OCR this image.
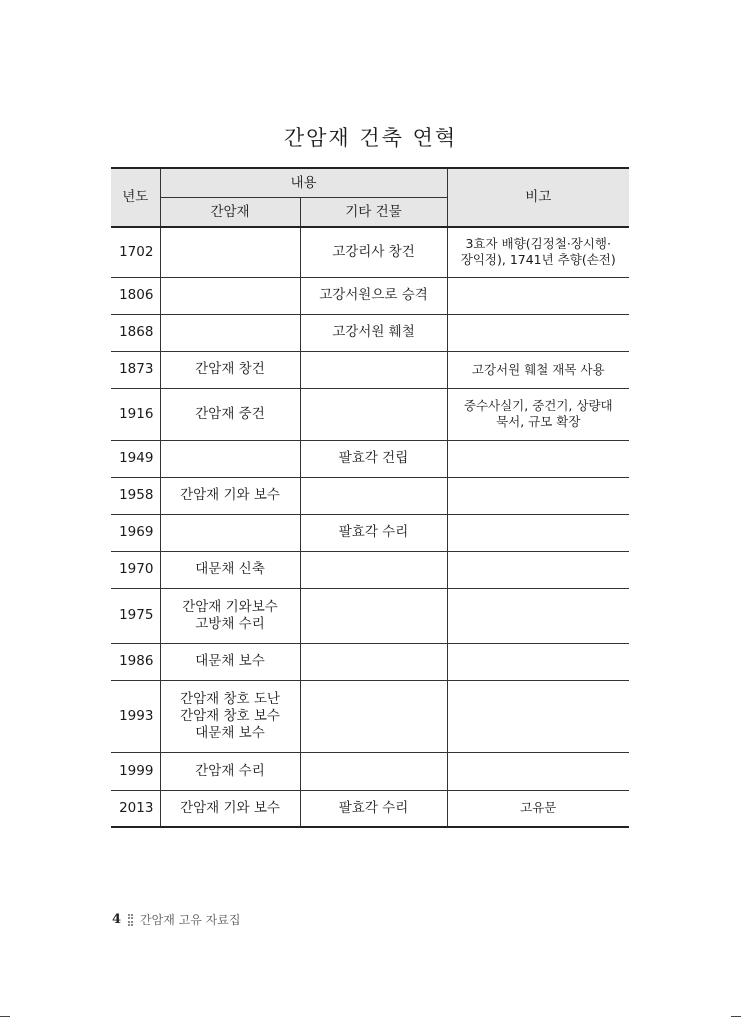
간암재 건축 연혁
년도	내용		비고
	간암재	기타 건물	
1702		고강리사 창건	3효자 배향(김정철·장시행·
장익정), 1741년 추향(손전)
1806		고강서원으로 승격	
1868		고강서원 훼철	
1873	간암재 창건		고강서원 훼철 재목 사용
1916	간암재 중건		중수사실기, 중건기, 상량대
묵서, 규모 확장
1949		팔효각 건립	
1958	간암재 기와 보수		
1969		팔효각 수리	
1970	대문채 신축		
1975	간암재 기와보수
고방채 수리		
1986	대문채 보수		
1993	간암재 창호 도난
간암재 창호 보수
대문채 보수		
1999	간암재 수리		
2013	간암재 기와 보수	팔효각 수리	고유문
4 간암재 고유 자료집
